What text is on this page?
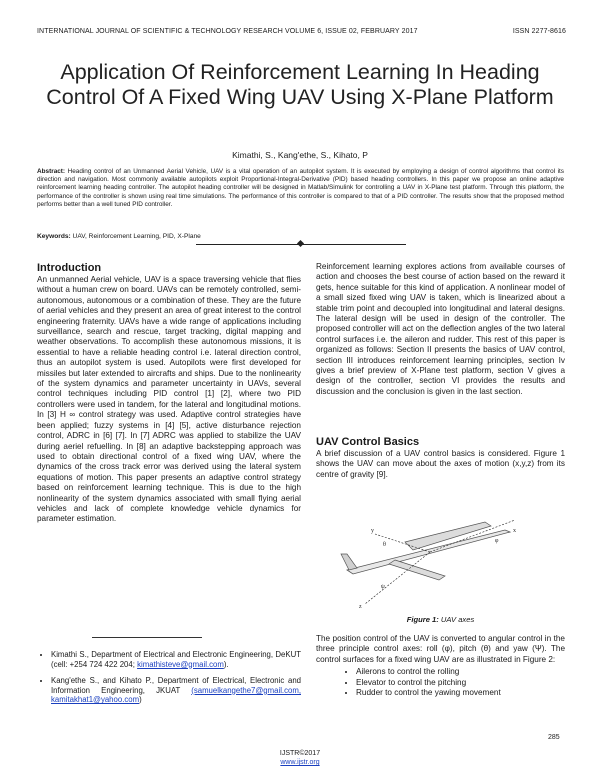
INTERNATIONAL JOURNAL OF SCIENTIFIC & TECHNOLOGY RESEARCH VOLUME 6, ISSUE 02, FEBRUARY 2017	ISSN 2277-8616
Application Of Reinforcement Learning In Heading Control Of A Fixed Wing UAV Using X-Plane Platform
Kimathi, S., Kang'ethe, S., Kihato, P
Abstract: Heading control of an Unmanned Aerial Vehicle, UAV is a vital operation of an autopilot system. It is executed by employing a design of control algorithms that control its direction and navigation. Most commonly available autopilots exploit Proportional-Integral-Derivative (PID) based heading controllers. In this paper we propose an online adaptive reinforcement learning heading controller. The autopilot heading controller will be designed in Matlab/Simulink for controlling a UAV in X-Plane test platform. Through this platform, the performance of the controller is shown using real time simulations. The performance of this controller is compared to that of a PID controller. The results show that the proposed method performs better than a well tuned PID controller.
Keywords: UAV, Reinforcement Learning, PID, X-Plane
Introduction

An unmanned Aerial vehicle, UAV is a space traversing vehicle that flies without a human crew on board. UAVs can be remotely controlled, semi-autonomous, autonomous or a combination of these. They are the future of aerial vehicles and they present an area of great interest to the control engineering fraternity. UAVs have a wide range of applications including surveillance, search and rescue, target tracking, digital mapping and weather observations. To accomplish these autonomous missions, it is essential to have a reliable heading control i.e. lateral direction control, thus an autopilot system is used. Autopilots were first developed for missiles but later extended to aircrafts and ships. Due to the nonlinearity of the system dynamics and parameter uncertainty in UAVs, several control techniques including PID control [1] [2], where two PID controllers were used in tandem, for the lateral and longitudinal motions. In [3] H ∞ control strategy was used. Adaptive control strategies have been applied; fuzzy systems in [4] [5], active disturbance rejection control, ADRC in [6] [7]. In [7] ADRC was applied to stabilize the UAV during aeriel refuelling. In [8] an adaptive backstepping approach was used to obtain directional control of a fixed wing UAV, where the dynamics of the cross track error was derived using the lateral system equations of motion. This paper presents an adaptive control strategy based on reinforcement learning technique. This is due to the high nonlinearity of the system dynamics associated with small flying aerial vehicles and lack of complete knowledge vehicle dynamics for parameter estimation.

• Kimathi S., Department of Electrical and Electronic Engineering, DeKUT (cell: +254 724 422 204; kimathisteve@gmail.com).
• Kang'ethe S., and Kihato P., Department of Electrical, Electronic and Information Engineering, JKUAT (samuelkangethe7@gmail.com, kamitakhat1@yahoo.com)

Reinforcement learning explores actions from available courses of action and chooses the best course of action based on the reward it gets, hence suitable for this kind of application. A nonlinear model of a small sized fixed wing UAV is taken, which is linearized about a stable trim point and decoupled into longitudinal and lateral designs. The lateral design will be used in design of the controller. The proposed controller will act on the deflection angles of the two lateral control surfaces i.e. the aileron and rudder. This rest of this paper is organized as follows: Section II presents the basics of UAV control, section III introduces reinforcement learning principles, section Iv gives a brief preview of X-Plane test platform, section V gives a design of the controller, section VI provides the results and discussion and the conclusion is given in the last section.

UAV Control Basics

A brief discussion of a UAV control basics is considered. Figure 1 shows the UAV can move about the axes of motion (x,y,z) from its centre of gravity [9].

x
y
z
φ
θ
ψ
Figure 1: UAV axes

The position control of the UAV is converted to angular control in the three principle control axes: roll (φ), pitch (θ) and yaw (Ψ). The control surfaces for a fixed wing UAV are as illustrated in Figure 2:

• Ailerons to control the rolling
• Elevator to control the pitching
• Rudder to control the yawing movement
285
IJSTR©2017
www.ijstr.org
